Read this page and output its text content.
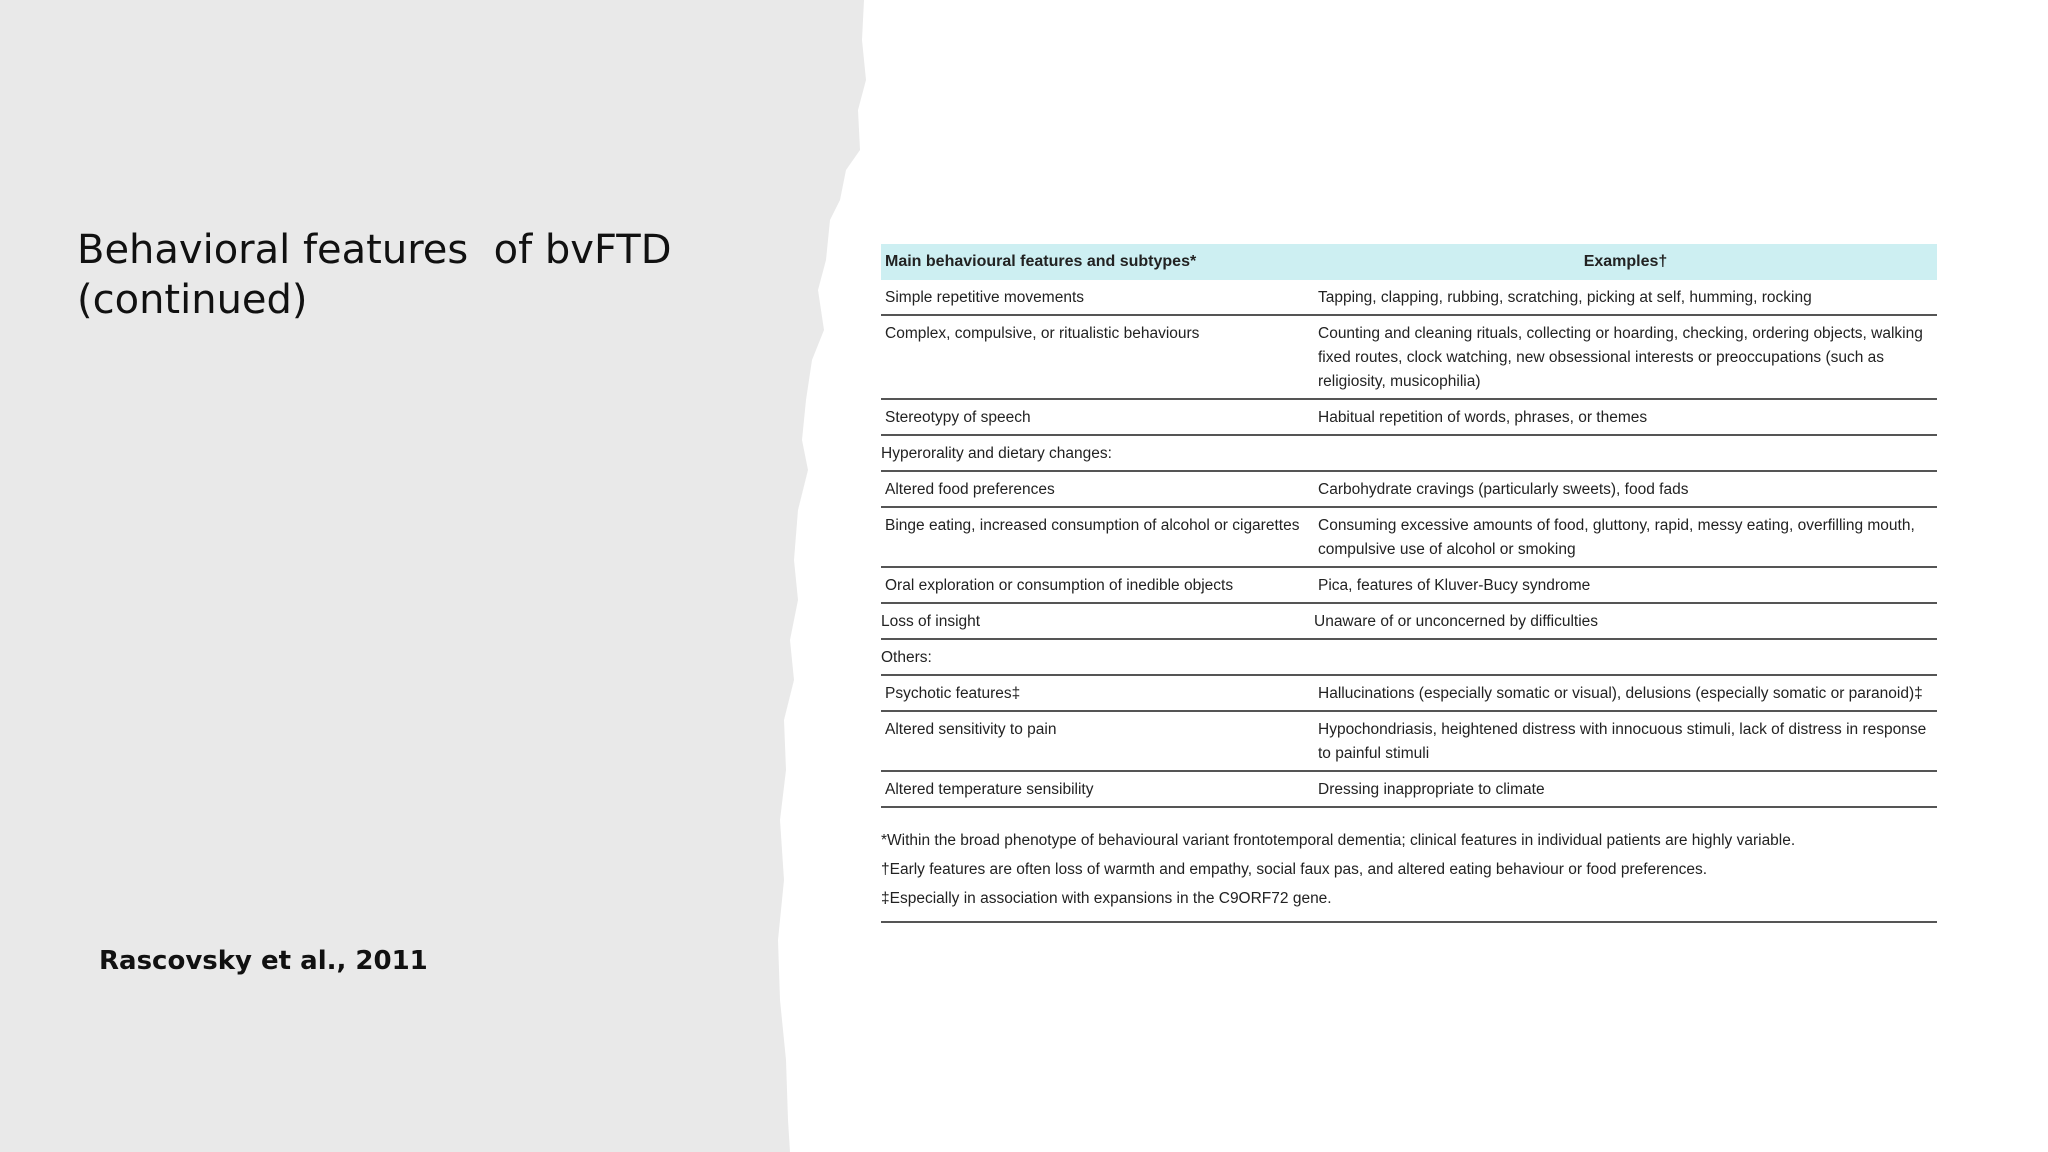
Behavioral features  of bvFTD
(continued)
Rascovsky et al., 2011
Main behavioural features and subtypes*	Examples†
Simple repetitive movements	Tapping, clapping, rubbing, scratching, picking at self, humming, rocking
Complex, compulsive, or ritualistic behaviours	Counting and cleaning rituals, collecting or hoarding, checking, ordering objects, walking fixed routes, clock watching, new obsessional interests or preoccupations (such as religiosity, musicophilia)
Stereotypy of speech	Habitual repetition of words, phrases, or themes
Hyperorality and dietary changes:	
Altered food preferences	Carbohydrate cravings (particularly sweets), food fads
Binge eating, increased consumption of alcohol or cigarettes	Consuming excessive amounts of food, gluttony, rapid, messy eating, overfilling mouth, compulsive use of alcohol or smoking
Oral exploration or consumption of inedible objects	Pica, features of Kluver-Bucy syndrome
Loss of insight	Unaware of or unconcerned by difficulties
Others:	
Psychotic features‡	Hallucinations (especially somatic or visual), delusions (especially somatic or paranoid)‡
Altered sensitivity to pain	Hypochondriasis, heightened distress with innocuous stimuli, lack of distress in response to painful stimuli
Altered temperature sensibility	Dressing inappropriate to climate

*Within the broad phenotype of behavioural variant frontotemporal dementia; clinical features in individual patients are highly variable.

†Early features are often loss of warmth and empathy, social faux pas, and altered eating behaviour or food preferences.

‡Especially in association with expansions in the C9ORF72 gene.
